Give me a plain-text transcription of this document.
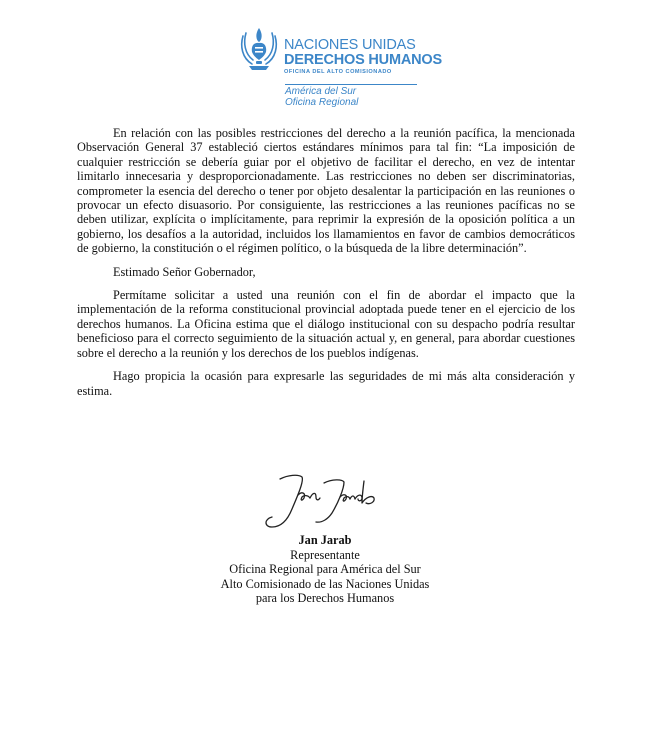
NACIONES UNIDAS
DERECHOS HUMANOS
OFICINA DEL ALTO COMISIONADO
América del Sur
Oficina Regional

En relación con las posibles restricciones del derecho a la reunión pacífica, la mencionada Observación General 37 estableció ciertos estándares mínimos para tal fin: “La imposición de cualquier restricción se debería guiar por el objetivo de facilitar el derecho, en vez de intentar limitarlo innecesaria y desproporcionadamente. Las restricciones no deben ser discriminatorias, comprometer la esencia del derecho o tener por objeto desalentar la participación en las reuniones o provocar un efecto disuasorio. Por consiguiente, las restricciones a las reuniones pacíficas no se deben utilizar, explícita o implícitamente, para reprimir la expresión de la oposición política a un gobierno, los desafíos a la autoridad, incluidos los llamamientos en favor de cambios democráticos de gobierno, la constitución o el régimen político, o la búsqueda de la libre determinación”.

Estimado Señor Gobernador,

Permítame solicitar a usted una reunión con el fin de abordar el impacto que la implementación de la reforma constitucional provincial adoptada puede tener en el ejercicio de los derechos humanos. La Oficina estima que el diálogo institucional con su despacho podría resultar beneficioso para el correcto seguimiento de la situación actual y, en general, para abordar cuestiones sobre el derecho a la reunión y los derechos de los pueblos indígenas.

Hago propicia la ocasión para expresarle las seguridades de mi más alta consideración y estima.

Jan Jarab
Representante
Oficina Regional para América del Sur
Alto Comisionado de las Naciones Unidas
para los Derechos Humanos
